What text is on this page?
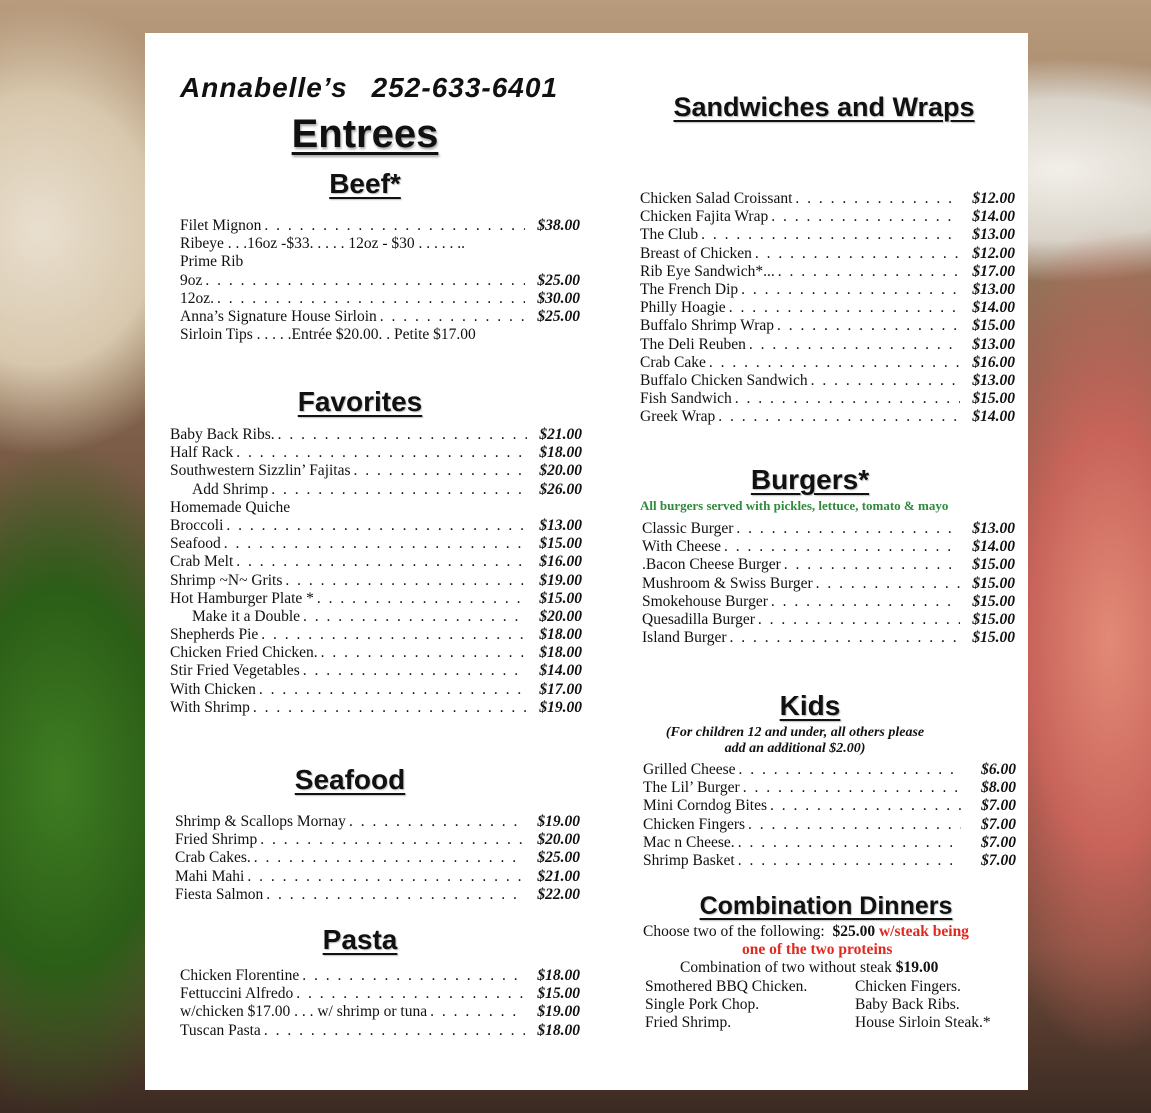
Annabelle’s 252-633-6401
Entrees
Beef*
Filet Mignon . . .	$38.00
Ribeye . . .16oz -$33. . . . . 12oz - $30 . . . . . ..
Prime Rib
9oz . . .	$25.00
12oz. . . .	$30.00
Anna’s Signature House Sirloin . . .	$25.00
Sirloin Tips . . . . .Entrée $20.00. . Petite $17.00
Favorites
Baby Back Ribs. . . .	$21.00
Half Rack . . .	$18.00
Southwestern Sizzlin’ Fajitas . . .	$20.00
Add Shrimp . . .	$26.00
Homemade Quiche
Broccoli . . .	$13.00
Seafood . . .	$15.00
Crab Melt . . .	$16.00
Shrimp ~N~ Grits . . .	$19.00
Hot Hamburger Plate * . . .	$15.00
Make it a Double . . .	$20.00
Shepherds Pie . . .	$18.00
Chicken Fried Chicken. . . .	$18.00
Stir Fried Vegetables . . .	$14.00
With Chicken . . .	$17.00
With Shrimp . . .	$19.00
Seafood
Shrimp & Scallops Mornay . . .	$19.00
Fried Shrimp . . .	$20.00
Crab Cakes. . . .	$25.00
Mahi Mahi . . .	$21.00
Fiesta Salmon . . .	$22.00
Pasta
Chicken Florentine . . .	$18.00
Fettuccini Alfredo . . .	$15.00
w/chicken $17.00 . . . w/ shrimp or tuna . . .	$19.00
Tuscan Pasta . . .	$18.00
Sandwiches and Wraps
Chicken Salad Croissant . . .	$12.00
Chicken Fajita Wrap . . .	$14.00
The Club . . .	$13.00
Breast of Chicken . . .	$12.00
Rib Eye Sandwich*... . . .	$17.00
The French Dip . . .	$13.00
Philly Hoagie . . .	$14.00
Buffalo Shrimp Wrap . . .	$15.00
The Deli Reuben . . .	$13.00
Crab Cake . . .	$16.00
Buffalo Chicken Sandwich . . .	$13.00
Fish Sandwich . . .	$15.00
Greek Wrap . . .	$14.00
Burgers*
All burgers served with pickles, lettuce, tomato & mayo
Classic Burger . . .	$13.00
With Cheese . . .	$14.00
.Bacon Cheese Burger . . .	$15.00
Mushroom & Swiss Burger . . .	$15.00
Smokehouse Burger . . .	$15.00
Quesadilla Burger . . .	$15.00
Island Burger . . .	$15.00
Kids
(For children 12 and under, all others please
add an additional $2.00)
Grilled Cheese . . .	$6.00
The Lil’ Burger . . .	$8.00
Mini Corndog Bites . . .	$7.00
Chicken Fingers . . .	$7.00
Mac n Cheese. . . .	$7.00
Shrimp Basket . . .	$7.00
Combination Dinners
Choose two of the following: $25.00 w/steak being
one of the two proteins
Combination of two without steak $19.00
Smothered BBQ Chicken.	Chicken Fingers.
Single Pork Chop.	Baby Back Ribs.
Fried Shrimp.	House Sirloin Steak.*
